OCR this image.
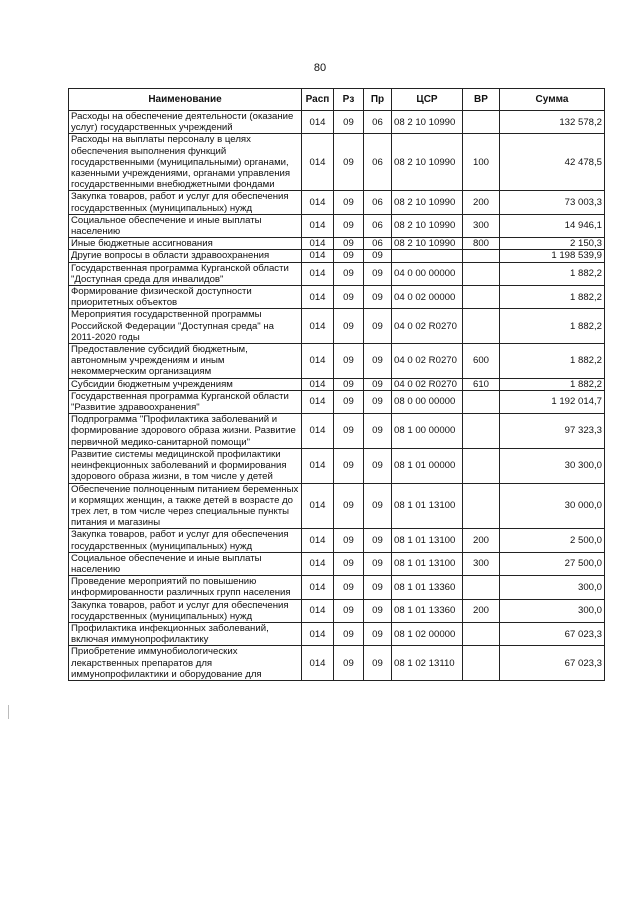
80
Наименование	Расп	Рз	Пр	ЦСР	ВР	Сумма
Расходы на обеспечение деятельности (оказание услуг) государственных учреждений	014	09	06	08 2 10 10990		132 578,2
Расходы на выплаты персоналу в целях обеспечения выполнения функций государственными (муниципальными) органами, казенными учреждениями, органами управления государственными внебюджетными фондами	014	09	06	08 2 10 10990	100	42 478,5
Закупка товаров, работ и услуг для обеспечения государственных (муниципальных) нужд	014	09	06	08 2 10 10990	200	73 003,3
Социальное обеспечение и иные выплаты населению	014	09	06	08 2 10 10990	300	14 946,1
Иные бюджетные ассигнования	014	09	06	08 2 10 10990	800	2 150,3
Другие вопросы в области здравоохранения	014	09	09			1 198 539,9
Государственная программа Курганской области "Доступная среда для инвалидов"	014	09	09	04 0 00 00000		1 882,2
Формирование физической доступности приоритетных объектов	014	09	09	04 0 02 00000		1 882,2
Мероприятия государственной программы Российской Федерации "Доступная среда" на 2011-2020 годы	014	09	09	04 0 02 R0270		1 882,2
Предоставление субсидий бюджетным, автономным учреждениям и иным некоммерческим организациям	014	09	09	04 0 02 R0270	600	1 882,2
Субсидии бюджетным учреждениям	014	09	09	04 0 02 R0270	610	1 882,2
Государственная программа Курганской области "Развитие здравоохранения"	014	09	09	08 0 00 00000		1 192 014,7
Подпрограмма "Профилактика заболеваний и формирование здорового образа жизни. Развитие первичной медико-санитарной помощи"	014	09	09	08 1 00 00000		97 323,3
Развитие системы медицинской профилактики неинфекционных заболеваний и формирования здорового образа жизни, в том числе у детей	014	09	09	08 1 01 00000		30 300,0
Обеспечение полноценным питанием беременных и кормящих женщин, а также детей в возрасте до трех лет, в том числе через специальные пункты питания и магазины	014	09	09	08 1 01 13100		30 000,0
Закупка товаров, работ и услуг для обеспечения государственных (муниципальных) нужд	014	09	09	08 1 01 13100	200	2 500,0
Социальное обеспечение и иные выплаты населению	014	09	09	08 1 01 13100	300	27 500,0
Проведение мероприятий по повышению информированности различных групп населения	014	09	09	08 1 01 13360		300,0
Закупка товаров, работ и услуг для обеспечения государственных (муниципальных) нужд	014	09	09	08 1 01 13360	200	300,0
Профилактика инфекционных заболеваний, включая иммунопрофилактику	014	09	09	08 1 02 00000		67 023,3
Приобретение иммунобиологических лекарственных препаратов для иммунопрофилактики и оборудование для	014	09	09	08 1 02 13110		67 023,3
